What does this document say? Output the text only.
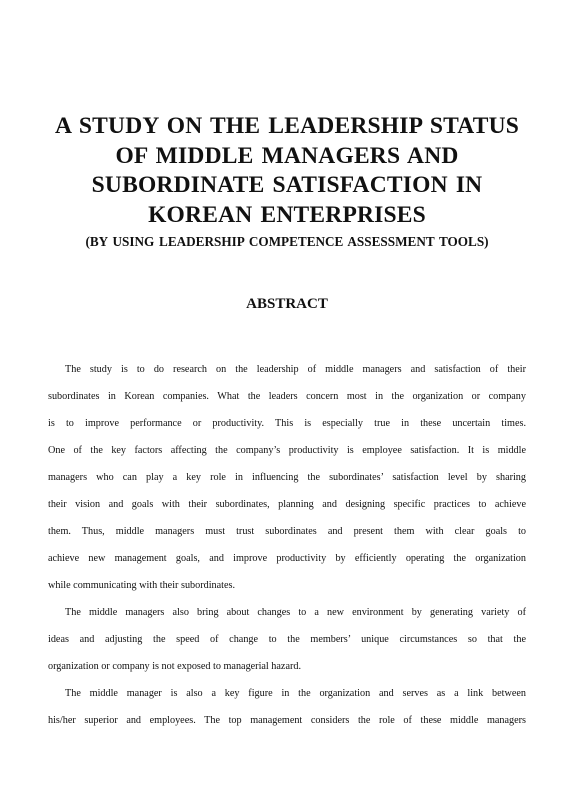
A STUDY ON THE LEADERSHIP STATUS
OF MIDDLE MANAGERS AND
SUBORDINATE SATISFACTION IN
KOREAN ENTERPRISES
(BY USING LEADERSHIP COMPETENCE ASSESSMENT TOOLS)
ABSTRACT
The study is to do research on the leadership of middle managers and satisfaction of their
subordinates in Korean companies. What the leaders concern most in the organization or company
is to improve performance or productivity. This is especially true in these uncertain times.
One of the key factors affecting the company’s productivity is employee satisfaction. It is middle
managers who can play a key role in influencing the subordinates’ satisfaction level by sharing
their vision and goals with their subordinates, planning and designing specific practices to achieve
them. Thus, middle managers must trust subordinates and present them with clear goals to
achieve new management goals, and improve productivity by efficiently operating the organization
while communicating with their subordinates.
The middle managers also bring about changes to a new environment by generating variety of
ideas and adjusting the speed of change to the members’ unique circumstances so that the
organization or company is not exposed to managerial hazard.
The middle manager is also a key figure in the organization and serves as a link between
his/her superior and employees. The top management considers the role of these middle managers
